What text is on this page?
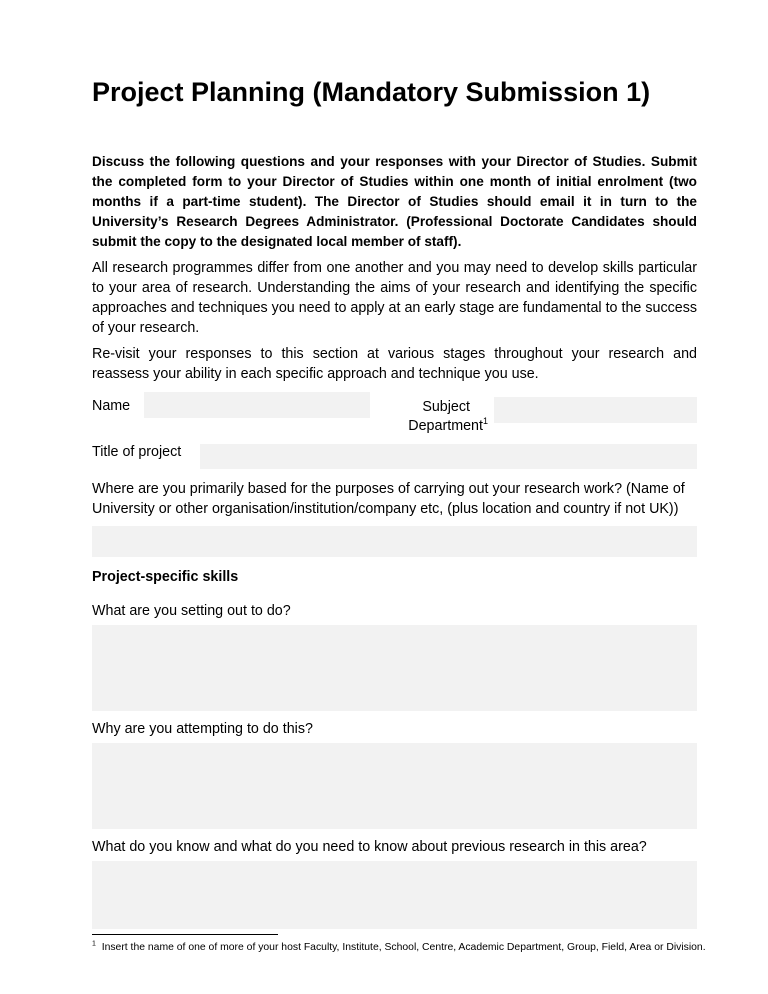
Project Planning (Mandatory Submission 1)

Discuss the following questions and your responses with your Director of Studies. Submit the completed form to your Director of Studies within one month of initial enrolment (two months if a part-time student). The Director of Studies should email it in turn to the University’s Research Degrees Administrator. (Professional Doctorate Candidates should submit the copy to the designated local member of staff).

All research programmes differ from one another and you may need to develop skills particular to your area of research. Understanding the aims of your research and identifying the specific approaches and techniques you need to apply at an early stage are fundamental to the success of your research.

Re-visit your responses to this section at various stages throughout your research and reassess your ability in each specific approach and technique you use.

Name	Subject
Department$^1$
Title of project

Where are you primarily based for the purposes of carrying out your research work? (Name of University or other organisation/institution/company etc, (plus location and country if not UK))

Project-specific skills
What are you setting out to do?
Why are you attempting to do this?
What do you know and what do you need to know about previous research in this area?
$^1$ Insert the name of one of more of your host Faculty, Institute, School, Centre, Academic Department, Group, Field, Area or Division.
